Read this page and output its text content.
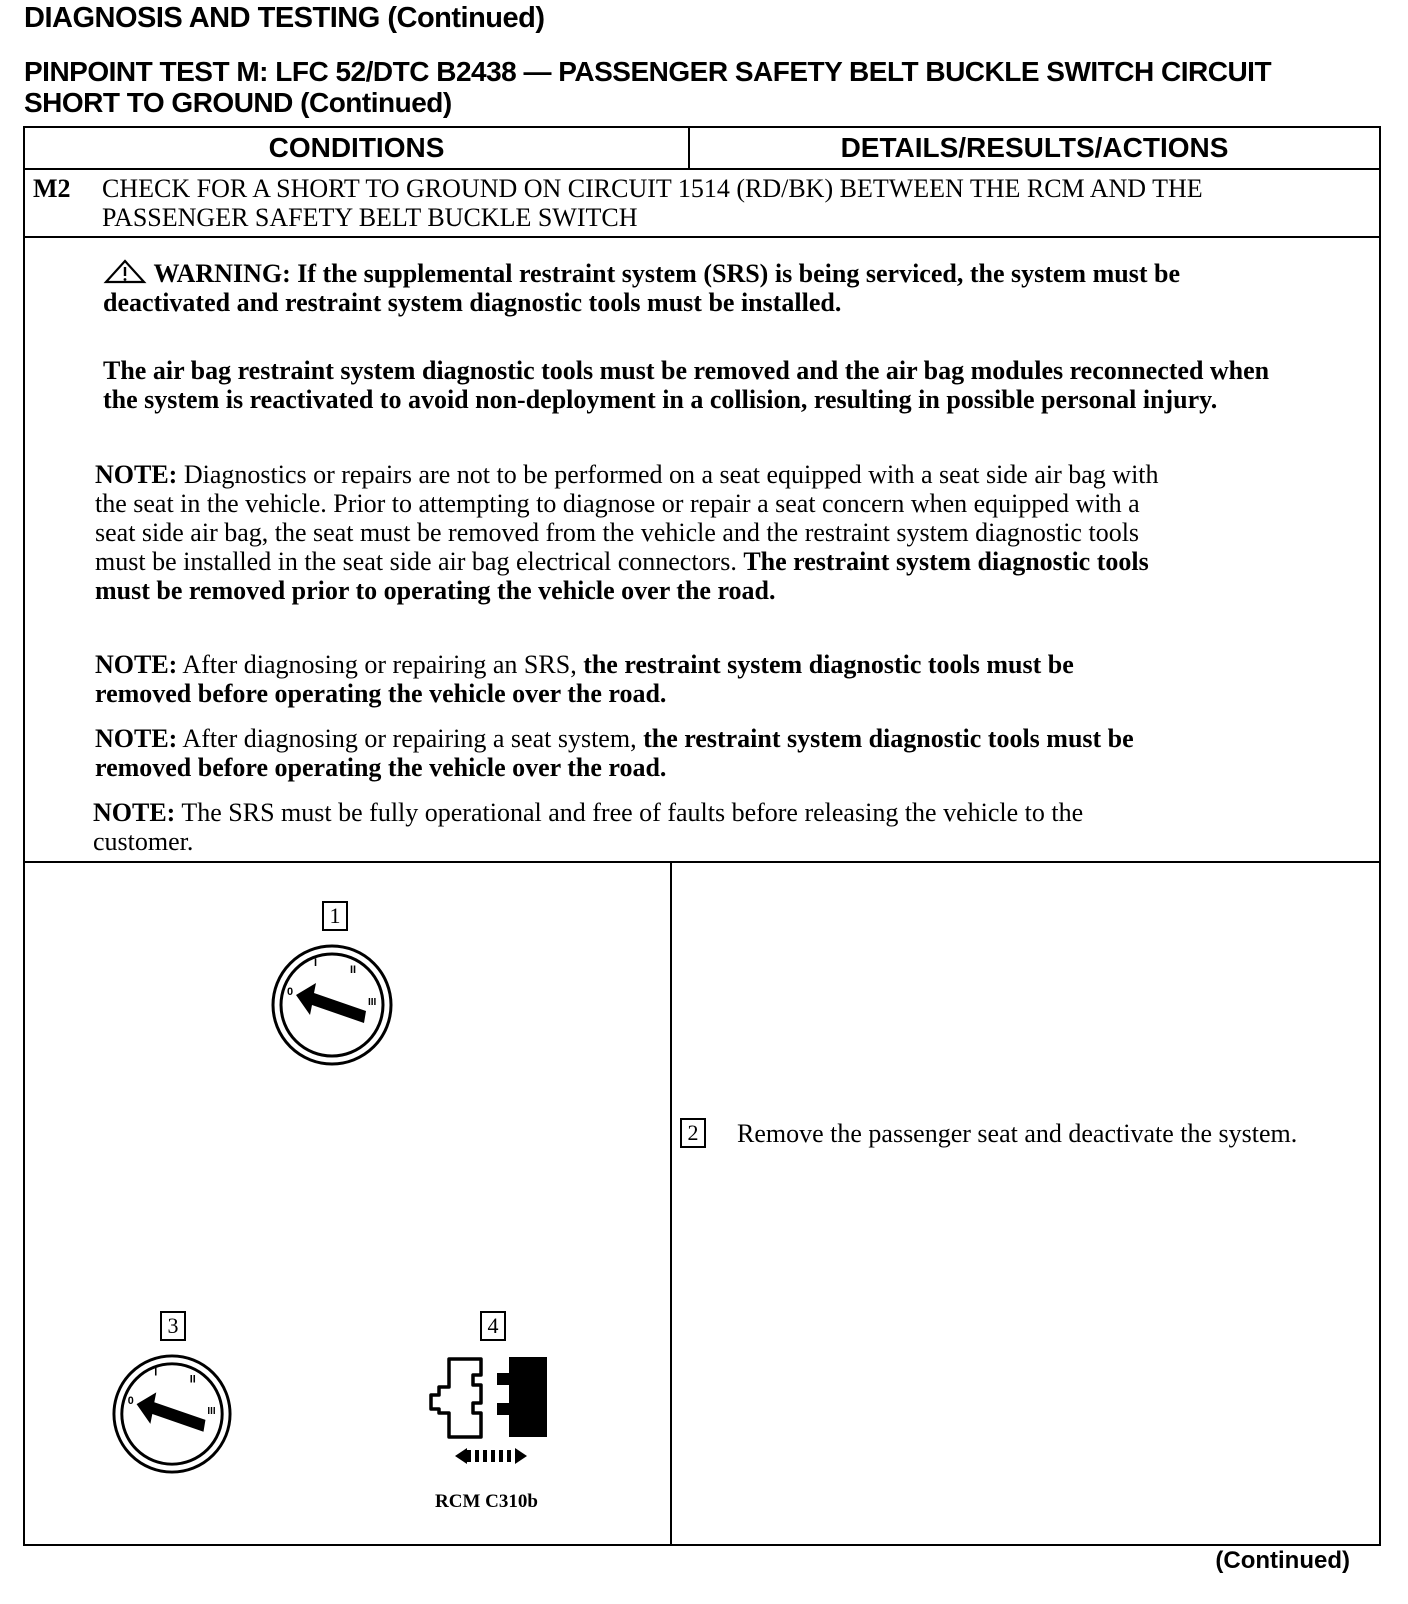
DIAGNOSIS AND TESTING (Continued)
PINPOINT TEST M: LFC 52/DTC B2438 — PASSENGER SAFETY BELT BUCKLE SWITCH CIRCUIT SHORT TO GROUND (Continued)
CONDITIONS	DETAILS/RESULTS/ACTIONS
M2 CHECK FOR A SHORT TO GROUND ON CIRCUIT 1514 (RD/BK) BETWEEN THE RCM AND THE PASSENGER SAFETY BELT BUCKLE SWITCH

WARNING: If the supplemental restraint system (SRS) is being serviced, the system must be deactivated and restraint system diagnostic tools must be installed.

The air bag restraint system diagnostic tools must be removed and the air bag modules reconnected when the system is reactivated to avoid non-deployment in a collision, resulting in possible personal injury.

NOTE: Diagnostics or repairs are not to be performed on a seat equipped with a seat side air bag with the seat in the vehicle. Prior to attempting to diagnose or repair a seat concern when equipped with a seat side air bag, the seat must be removed from the vehicle and the restraint system diagnostic tools must be installed in the seat side air bag electrical connectors. The restraint system diagnostic tools must be removed prior to operating the vehicle over the road.

NOTE: After diagnosing or repairing an SRS, the restraint system diagnostic tools must be removed before operating the vehicle over the road.

NOTE: After diagnosing or repairing a seat system, the restraint system diagnostic tools must be removed before operating the vehicle over the road.

NOTE: The SRS must be fully operational and free of faults before releasing the vehicle to the customer.

1
0
I
II
III
2 Remove the passenger seat and deactivate the system.
3
0
I
II
III
4
RCM C310b
(Continued)
